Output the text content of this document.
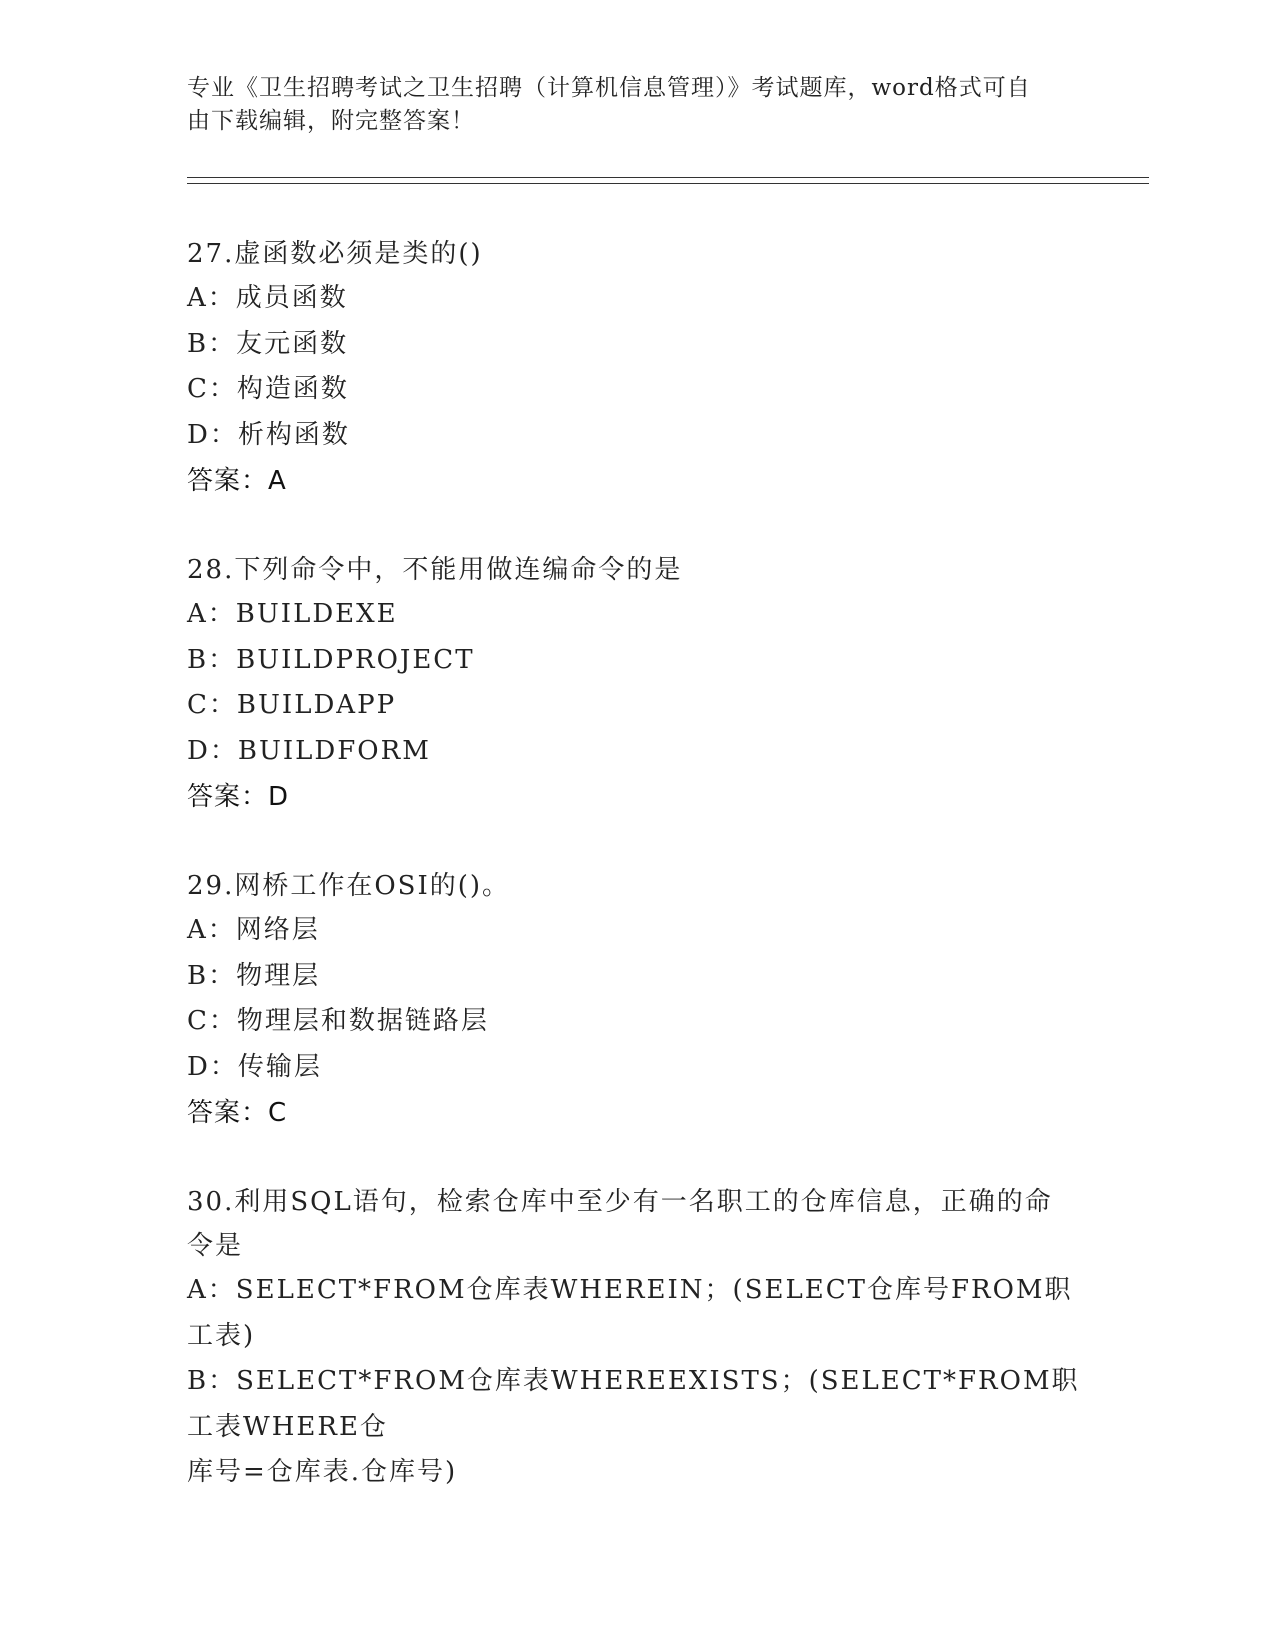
专业《卫生招聘考试之卫生招聘（计算机信息管理）》考试题库，word格式可自
由下载编辑，附完整答案！

27.虚函数必须是类的()

A：成员函数

B：友元函数

C：构造函数

D：析构函数

答案：A

28.下列命令中，不能用做连编命令的是

A：BUILDEXE

B：BUILDPROJECT

C：BUILDAPP

D：BUILDFORM

答案：D

29.网桥工作在OSI的()。

A：网络层

B：物理层

C：物理层和数据链路层

D：传输层

答案：C

30.利用SQL语句，检索仓库中至少有一名职工的仓库信息，正确的命

令是

A：SELECT*FROM仓库表WHEREIN；(SELECT仓库号FROM职工表)

B：SELECT*FROM仓库表WHEREEXISTS；(SELECT*FROM职工表WHERE仓

库号=仓库表.仓库号)
